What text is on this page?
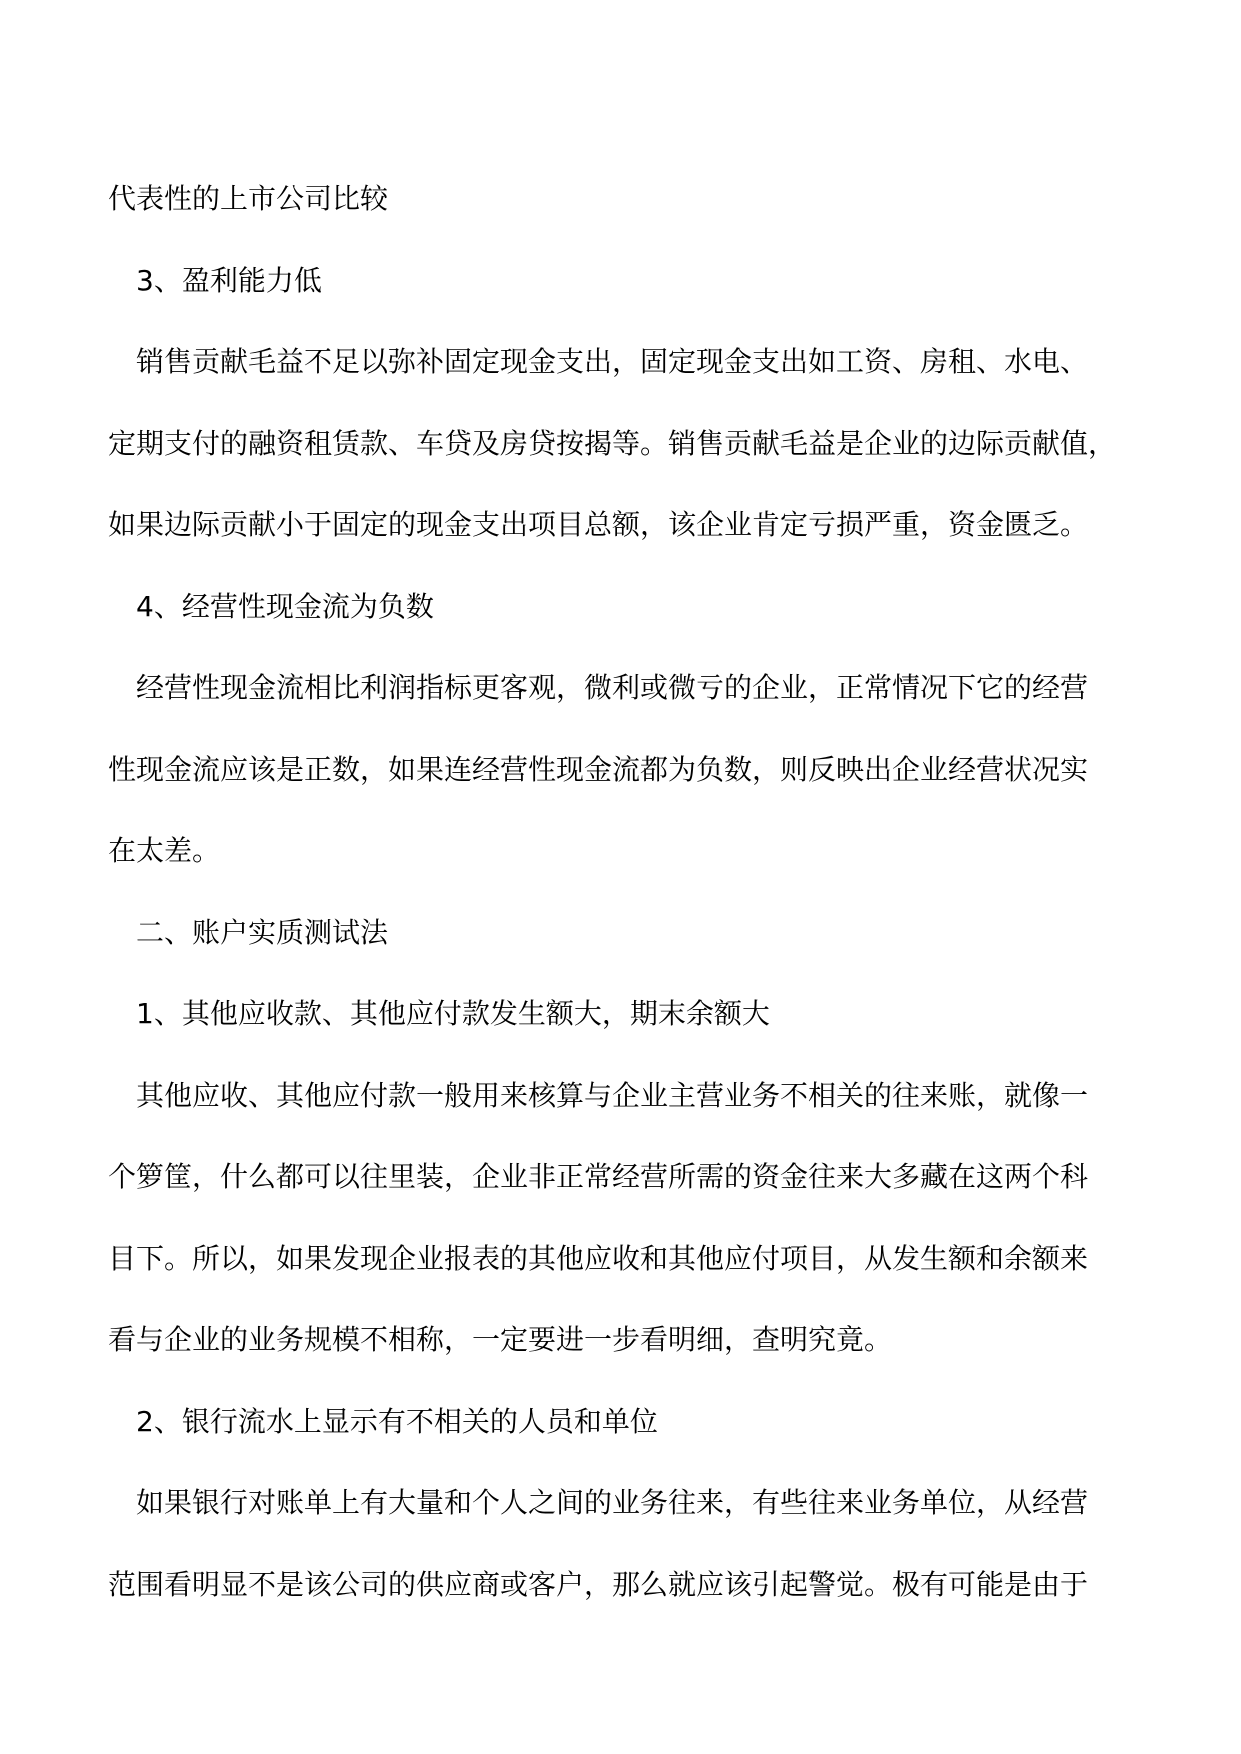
代表性的上市公司比较
3、盈利能力低
销售贡献毛益不足以弥补固定现金支出，固定现金支出如工资、房租、水电、
定期支付的融资租赁款、车贷及房贷按揭等。销售贡献毛益是企业的边际贡献值，
如果边际贡献小于固定的现金支出项目总额，该企业肯定亏损严重，资金匮乏。
4、经营性现金流为负数
经营性现金流相比利润指标更客观，微利或微亏的企业，正常情况下它的经营
性现金流应该是正数，如果连经营性现金流都为负数，则反映出企业经营状况实
在太差。
二、账户实质测试法
1、其他应收款、其他应付款发生额大，期末余额大
其他应收、其他应付款一般用来核算与企业主营业务不相关的往来账，就像一
个箩筐，什么都可以往里装，企业非正常经营所需的资金往来大多藏在这两个科
目下。所以，如果发现企业报表的其他应收和其他应付项目，从发生额和余额来
看与企业的业务规模不相称，一定要进一步看明细，查明究竟。
2、银行流水上显示有不相关的人员和单位
如果银行对账单上有大量和个人之间的业务往来，有些往来业务单位，从经营
范围看明显不是该公司的供应商或客户，那么就应该引起警觉。极有可能是由于
